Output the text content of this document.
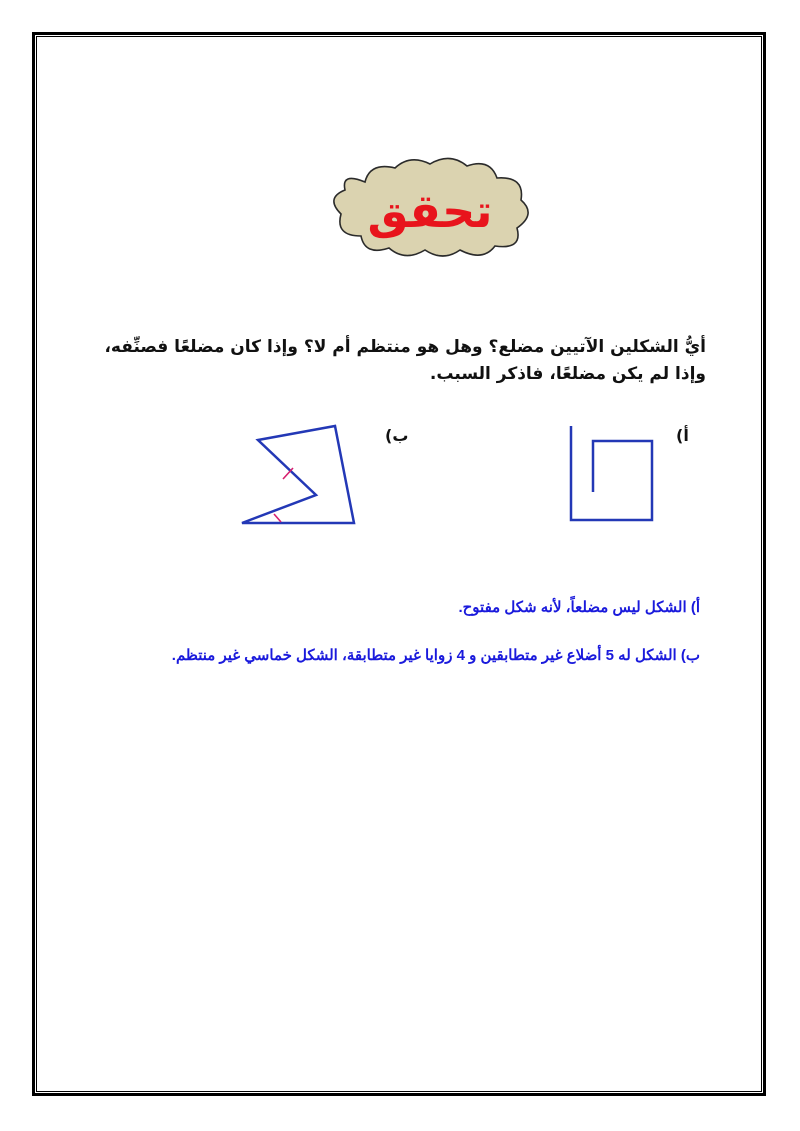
تحقق
أيُّ الشكلين الآتيين مضلع؟ وهل هو منتظم أم لا؟ وإذا كان مضلعًا فصنِّفه، وإذا لم يكن مضلعًا، فاذكر السبب.
أ)
ب)
أ) الشكل ليس مضلعاً، لأنه شكل مفتوح.
ب) الشكل له 5 أضلاع غير متطابقين و 4 زوايا غير متطابقة، الشكل خماسي غير منتظم.
